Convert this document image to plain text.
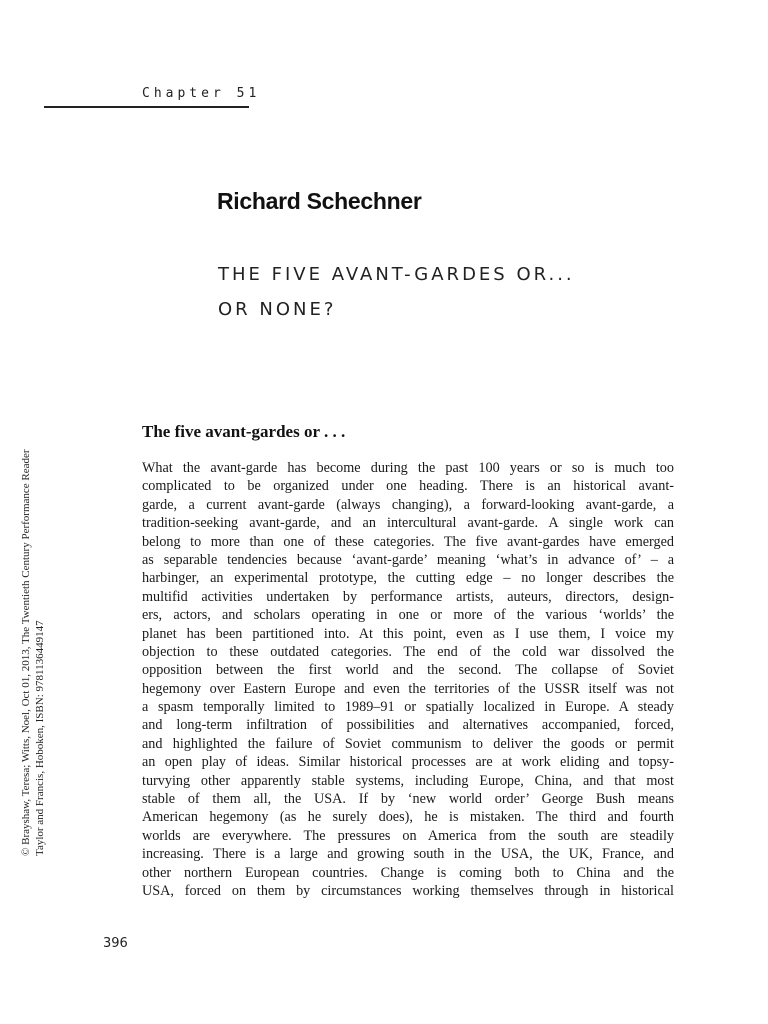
Chapter 51
Richard Schechner
THE FIVE AVANT-GARDES OR...
OR NONE?
© Brayshaw, Teresa; Witts, Noel, Oct 01, 2013, The Twentieth Century Performance Reader Taylor and Francis, Hoboken, ISBN: 9781136449147
The five avant-gardes or . . .
What the avant-garde has become during the past 100 years or so is much too
complicated to be organized under one heading. There is an historical avant-
garde, a current avant-garde (always changing), a forward-looking avant-garde, a
tradition-seeking avant-garde, and an intercultural avant-garde. A single work can
belong to more than one of these categories. The five avant-gardes have emerged
as separable tendencies because ‘avant-garde’ meaning ‘what’s in advance of’ – a
harbinger, an experimental prototype, the cutting edge – no longer describes the
multifid activities undertaken by performance artists, auteurs, directors, design-
ers, actors, and scholars operating in one or more of the various ‘worlds’ the
planet has been partitioned into. At this point, even as I use them, I voice my
objection to these outdated categories. The end of the cold war dissolved the
opposition between the first world and the second. The collapse of Soviet
hegemony over Eastern Europe and even the territories of the USSR itself was not
a spasm temporally limited to 1989–91 or spatially localized in Europe. A steady
and long-term infiltration of possibilities and alternatives accompanied, forced,
and highlighted the failure of Soviet communism to deliver the goods or permit
an open play of ideas. Similar historical processes are at work eliding and topsy-
turvying other apparently stable systems, including Europe, China, and that most
stable of them all, the USA. If by ‘new world order’ George Bush means
American hegemony (as he surely does), he is mistaken. The third and fourth
worlds are everywhere. The pressures on America from the south are steadily
increasing. There is a large and growing south in the USA, the UK, France, and
other northern European countries. Change is coming both to China and the
USA, forced on them by circumstances working themselves through in historical
396
